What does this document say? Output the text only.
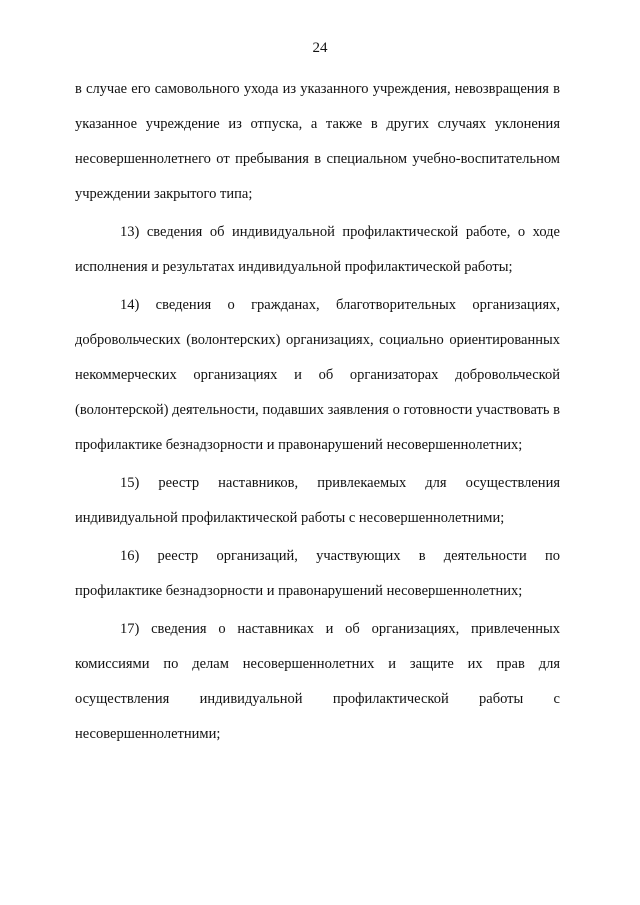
24

в случае его самовольного ухода из указанного учреждения, невозвращения в указанное учреждение из отпуска, а также в других случаях уклонения несовершеннолетнего от пребывания в специальном учебно-воспитательном учреждении закрытого типа;

13) сведения об индивидуальной профилактической работе, о ходе исполнения и результатах индивидуальной профилактической работы;

14) сведения о гражданах, благотворительных организациях, добровольческих (волонтерских) организациях, социально ориентированных некоммерческих организациях и об организаторах добровольческой (волонтерской) деятельности, подавших заявления о готовности участвовать в профилактике безнадзорности и правонарушений несовершеннолетних;

15) реестр наставников, привлекаемых для осуществления индивидуальной профилактической работы с несовершеннолетними;

16) реестр организаций, участвующих в деятельности по профилактике безнадзорности и правонарушений несовершеннолетних;

17) сведения о наставниках и об организациях, привлеченных комиссиями по делам несовершеннолетних и защите их прав для осуществления индивидуальной профилактической работы с несовершеннолетними;
